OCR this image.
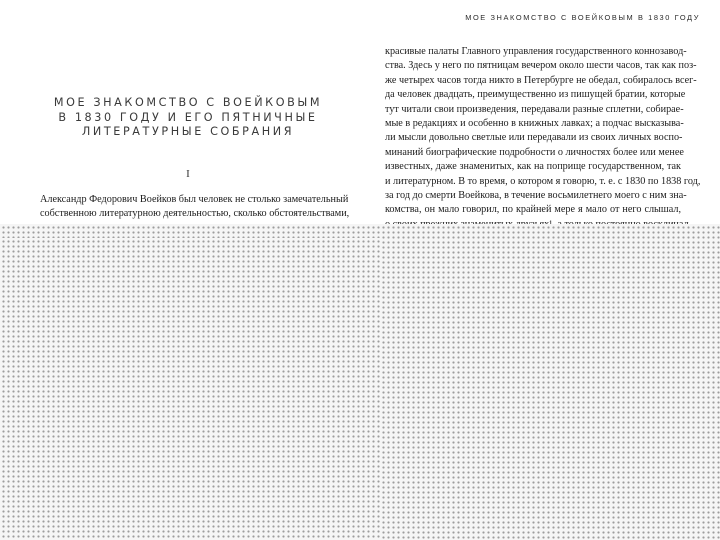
МОЕ ЗНАКОМСТВО С ВОЕЙКОВЫМ В 1830 ГОДУ
МОЕ ЗНАКОМСТВО С ВОЕЙКОВЫМ
В 1830 ГОДУ И ЕГО ПЯТНИЧНЫЕ
ЛИТЕРАТУРНЫЕ СОБРАНИЯ
I
Александр Федорович Воейков был человек не столько замечательный
собственною литературною деятельностью, сколько обстоятельствами,
красивые палаты Главного управления государственного коннозавод-
ства. Здесь у него по пятницам вечером около шести часов, так как поз-
же четырех часов тогда никто в Петербурге не обедал, собиралось всег-
да человек двадцать, преимущественно из пишущей братии, которые
тут читали свои произведения, передавали разные сплетни, собирае-
мые в редакциях и особенно в книжных лавках; а подчас высказыва-
ли мысли довольно светлые или передавали из своих личных воспо-
минаний биографические подробности о личностях более или менее
известных, даже знаменитых, как на поприще государственном, так
и литературном. В то время, о котором я говорю, т. е. с 1830 по 1838 год,
за год до смерти Воейкова, в течение восьмилетнего моего с ним зна-
комства, он мало говорил, по крайней мере я мало от него слышал,
